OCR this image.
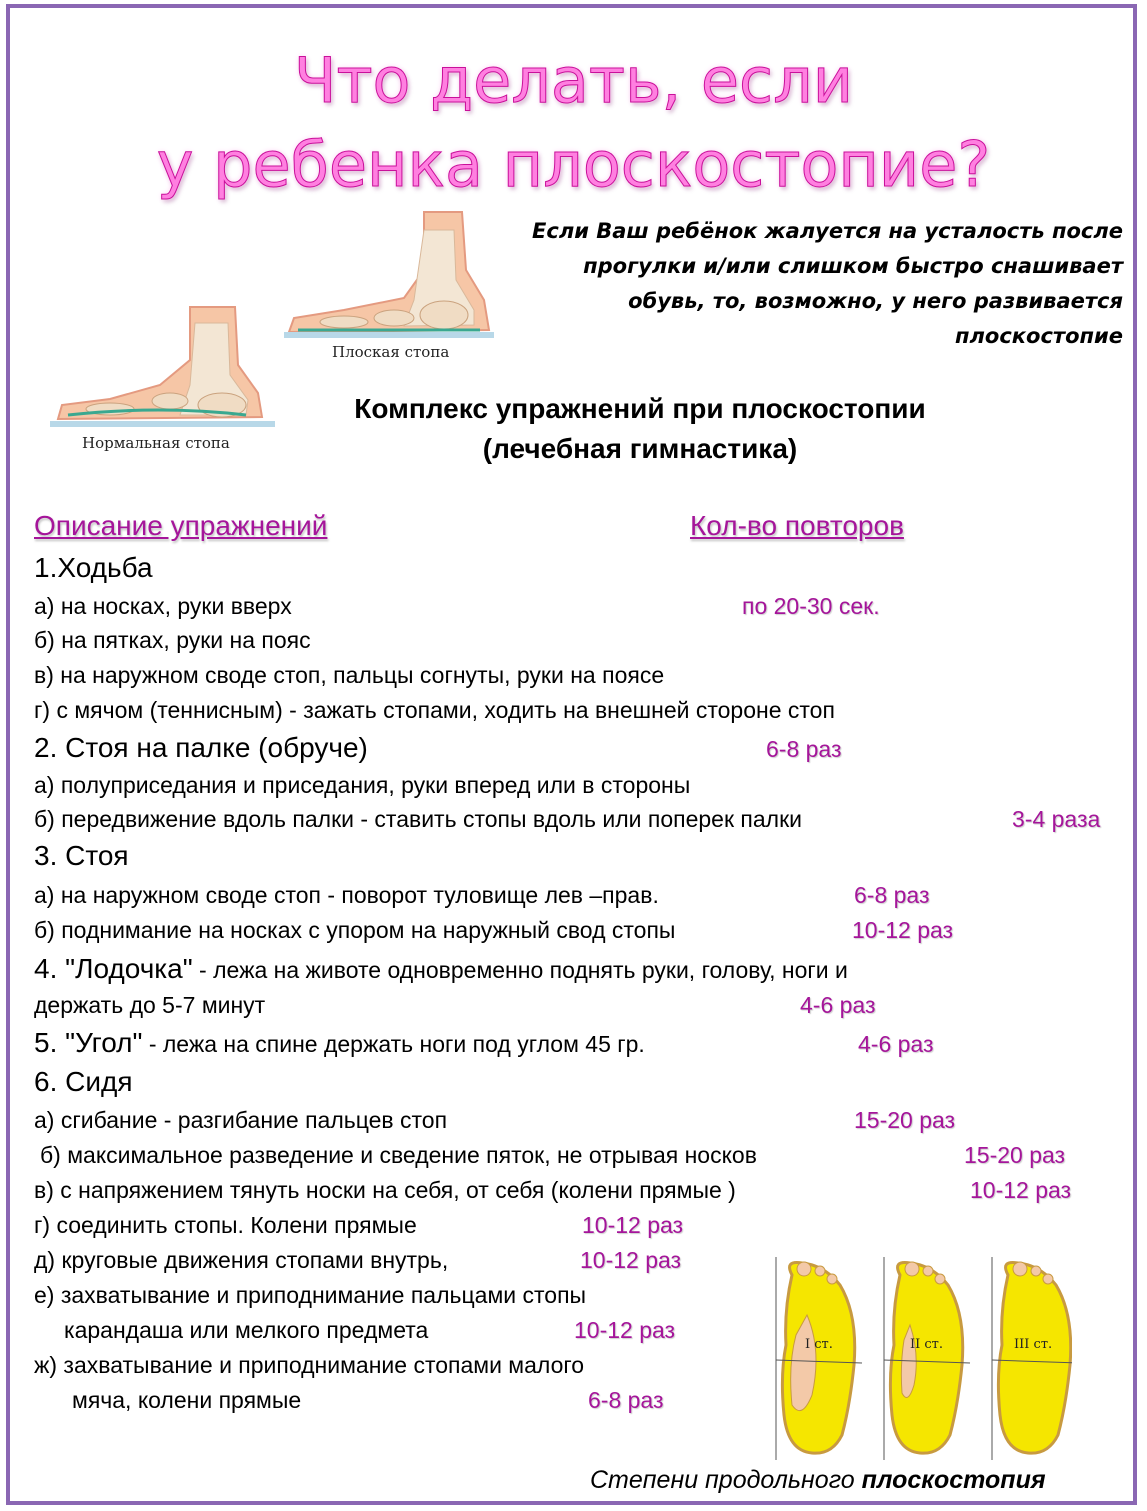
Что делать, если
у ребенка плоскостопие?
Плоская стопа
Нормальная стопа
Если Ваш ребёнок жалуется на усталость после
прогулки и/или слишком быстро снашивает
обувь, то, возможно, у него развивается
плоскостопие
Комплекс упражнений при плоскостопии
(лечебная гимнастика)
Описание упражнений	Кол-во повторов
1.Ходьба
а) на носках, руки вверх	по 20-30 сек.
б) на пятках, руки на пояс
в) на наружном своде стоп, пальцы согнуты, руки на поясе
г) с мячом (теннисным) - зажать стопами, ходить на внешней стороне стоп
2. Стоя на палке (обруче)	6-8 раз
а) полуприседания и приседания, руки вперед или в стороны
б) передвижение вдоль палки - ставить стопы вдоль или поперек палки	3-4 раза
3. Стоя
а) на наружном своде стоп - поворот туловище лев –прав.	6-8 раз
б) поднимание на носках с упором на наружный свод стопы	10-12 раз
4. "Лодочка" - лежа на животе одновременно поднять руки, голову, ноги и
держать до 5-7 минут	4-6 раз
5. "Угол" - лежа на спине держать ноги под углом 45 гр.	4-6 раз
6. Сидя
а) сгибание - разгибание пальцев стоп	15-20 раз
б) максимальное разведение и сведение пяток, не отрывая носков	15-20 раз
в) с напряжением тянуть носки на себя, от себя (колени прямые )	10-12 раз
г) соединить стопы. Колени прямые	10-12 раз
д) круговые движения стопами внутрь,	10-12 раз
е) захватывание и приподнимание пальцами стопы
карандаша или мелкого предмета	10-12 раз
ж) захватывание и приподнимание стопами малого
мяча, колени прямые	6-8 раз
I ст.	II ст.	III ст.
Степени продольного плоскостопия
